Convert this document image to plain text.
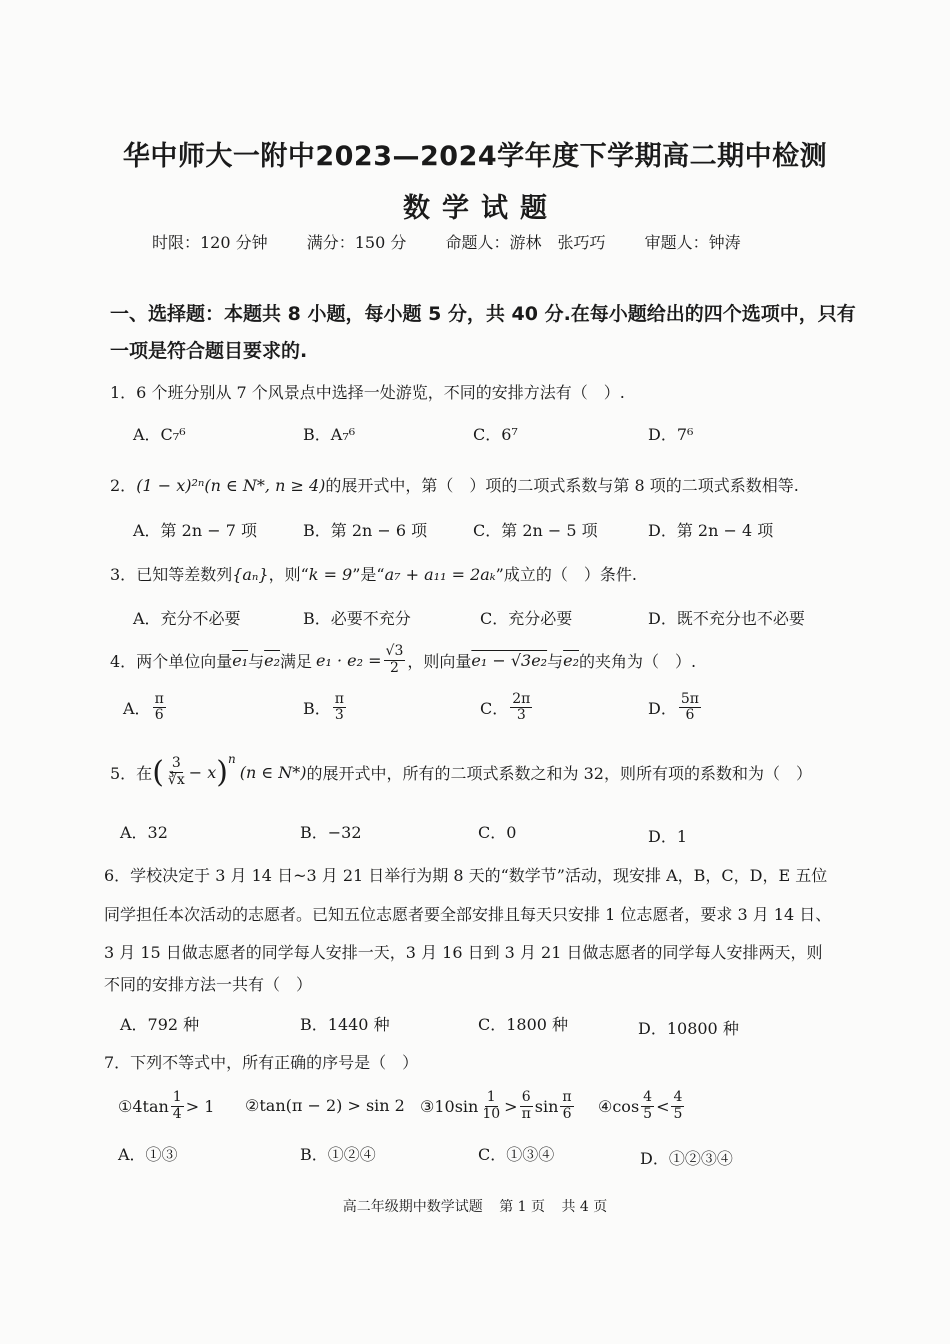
华中师大一附中2023—2024学年度下学期高二期中检测
数学试题
时限：120 分钟 满分：150 分 命题人：游林　张巧巧 审题人：钟涛
一、选择题：本题共 8 小题，每小题 5 分，共 40 分.在每小题给出的四个选项中，只有
一项是符合题目要求的.
1．6 个班分别从 7 个风景点中选择一处游览，不同的安排方法有（　）.
A．C₇⁶	B．A₇⁶	C．6⁷	D．7⁶
2．(1 − x)²ⁿ(n ∈ N*, n ≥ 4)的展开式中，第（　）项的二项式系数与第 8 项的二项式系数相等.
A．第 2n − 7 项	B．第 2n − 6 项	C．第 2n − 5 项	D．第 2n − 4 项
3．已知等差数列{aₙ}，则“k = 9”是“a₇ + a₁₁ = 2aₖ”成立的（　）条件.
A．充分不必要	B．必要不充分	C．充分必要	D．既不充分也不必要
4． 两个单位向量 e₁ 与 e₂ 满足 $e_1 \cdot e_2 = \frac{√3}{2}$ ，则向量 e₁ − √3e₂ 与 e₂ 的夹角为（　）.
A． $\frac{\pi}{6}$	B． $\frac{\pi}{3}$	C． $\frac{2\pi}{3}$	D． $\frac{5\pi}{6}$
5．在 ( $\frac{3}{∛x} - x$ ) $^n$
(n ∈ N*) 的展开式中，所有的二项式系数之和为 32，则所有项的系数和为（　）
A．32	B．−32	C．0	D．1
6．学校决定于 3 月 14 日~3 月 21 日举行为期 8 天的“数学节”活动，现安排 A，B，C，D，E 五位
同学担任本次活动的志愿者。已知五位志愿者要全部安排且每天只安排 1 位志愿者，要求 3 月 14 日、
3 月 15 日做志愿者的同学每人安排一天，3 月 16 日到 3 月 21 日做志愿者的同学每人安排两天，则
不同的安排方法一共有（　）
A．792 种	B．1440 种	C．1800 种	D．10800 种
7．下列不等式中，所有正确的序号是（　）
①4tan $\frac{1}{4} > 1$ ②tan(π − 2) > sin 2 ③10sin $\frac{1}{10} > \frac{6}{\pi}$ $\sin \frac{\pi}{6}$ ④cos $\frac{4}{5} < \frac{4}{5}$
A．①③	B．①②④	C．①③④	D．①②③④
高二年级期中数学试题 第 1 页 共 4 页
